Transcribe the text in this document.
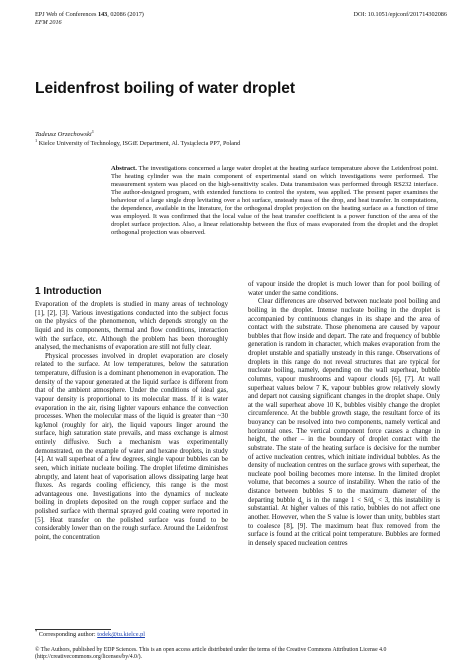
EPJ Web of Conferences 143, 02086 (2017)
EFM 2016
DOI: 10.1051/epjconf/201714302086
Leidenfrost boiling of water droplet
Tadeusz Orzechowski$^1$
$^1$ Kielce University of Technology, ISGiE Department, Al. Tysiąclecia PP7, Poland
Abstract. The investigations concerned a large water droplet at the heating surface temperature above the Leidenfrost point. The heating cylinder was the main component of experimental stand on which investigations were performed. The measurement system was placed on the high-sensitivity scales. Data transmission was performed through RS232 interface. The author-designed program, with extended functions to control the system, was applied. The present paper examines the behaviour of a large single drop levitating over a hot surface, unsteady mass of the drop, and heat transfer. In computations, the dependence, available in the literature, for the orthogonal droplet projection on the heating surface as a function of time was employed. It was confirmed that the local value of the heat transfer coefficient is a power function of the area of the droplet surface projection. Also, a linear relationship between the flux of mass evaporated from the droplet and the droplet orthogonal projection was observed.
1 Introduction

Evaporation of the droplets is studied in many areas of technology [1], [2], [3]. Various investigations conducted into the subject focus on the physics of the phenomenon, which depends strongly on the liquid and its components, thermal and flow conditions, interaction with the surface, etc. Although the problem has been thoroughly analysed, the mechanisms of evaporation are still not fully clear.

Physical processes involved in droplet evaporation are closely related to the surface. At low temperatures, below the saturation temperature, diffusion is a dominant phenomenon in evaporation. The density of the vapour generated at the liquid surface is different from that of the ambient atmosphere. Under the conditions of ideal gas, vapour density is proportional to its molecular mass. If it is water evaporation in the air, rising lighter vapours enhance the convection processes. When the molecular mass of the liquid is greater than ~30 kg/kmol (roughly for air), the liquid vapours linger around the surface, high saturation state prevails, and mass exchange is almost entirely diffusive. Such a mechanism was experimentally demonstrated, on the example of water and hexane droplets, in study [4]. At wall superheat of a few degrees, single vapour bubbles can be seen, which initiate nucleate boiling. The droplet lifetime diminishes abruptly, and latent heat of vaporisation allows dissipating large heat fluxes. As regards cooling efficiency, this range is the most advantageous one. Investigations into the dynamics of nucleate boiling in droplets deposited on the rough copper surface and the polished surface with thermal sprayed gold coating were reported in [5]. Heat transfer on the polished surface was found to be considerably lower than on the rough surface. Around the Leidenfrost point, the concentration

of vapour inside the droplet is much lower than for pool boiling of water under the same conditions.

Clear differences are observed between nucleate pool boiling and boiling in the droplet. Intense nucleate boiling in the droplet is accompanied by continuous changes in its shape and the area of contact with the substrate. Those phenomena are caused by vapour bubbles that flow inside and depart. The rate and frequency of bubble generation is random in character, which makes evaporation from the droplet unstable and spatially unsteady in this range. Observations of droplets in this range do not reveal structures that are typical for nucleate boiling, namely, depending on the wall superheat, bubble columns, vapour mushrooms and vapour clouds [6], [7]. At wall superheat values below 7 K, vapour bubbles grow relatively slowly and depart not causing significant changes in the droplet shape. Only at the wall superheat above 10 K, bubbles visibly change the droplet circumference. At the bubble growth stage, the resultant force of its buoyancy can be resolved into two components, namely vertical and horizontal ones. The vertical component force causes a change in height, the other – in the boundary of droplet contact with the substrate. The state of the heating surface is decisive for the number of active nucleation centres, which initiate individual bubbles. As the density of nucleation centres on the surface grows with superheat, the nucleate pool boiling becomes more intense. In the limited droplet volume, that becomes a source of instability. When the ratio of the distance between bubbles S to the maximum diameter of the departing bubble $d_b$ is in the range $1 < S/d_b < 3$, this instability is substantial. At higher values of this ratio, bubbles do not affect one another. However, when the S value is lower than unity, bubbles start to coalesce [8], [9]. The maximum heat flux removed from the surface is found at the critical point temperature. Bubbles are formed in densely spaced nucleation centres

* Corresponding author: todek@tu.kielce.pl
© The Authors, published by EDP Sciences. This is an open access article distributed under the terms of the Creative Commons Attribution License 4.0 (http://creativecommons.org/licenses/by/4.0/).
